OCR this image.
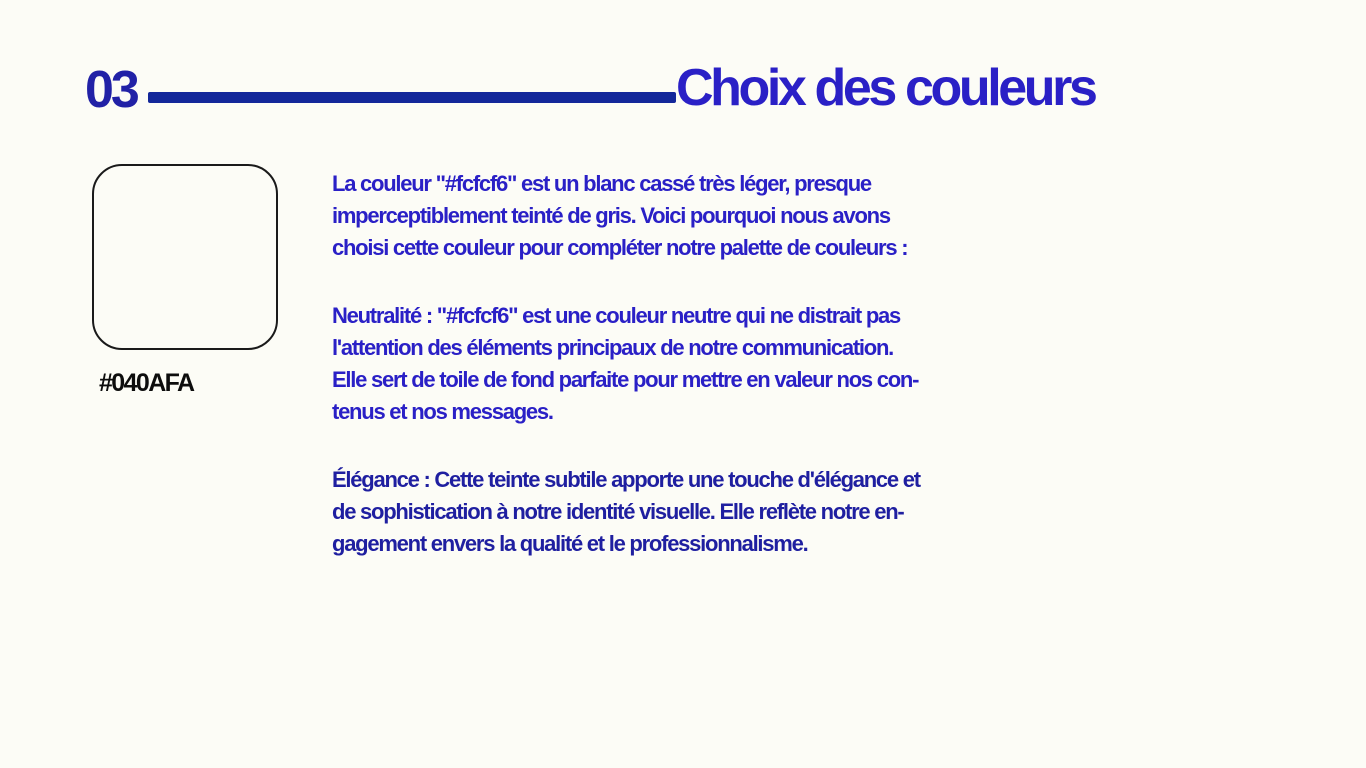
03	Choix des couleurs
#040AFA

La couleur "#fcfcf6" est un blanc cassé très léger, presque
imperceptiblement teinté de gris. Voici pourquoi nous avons
choisi cette couleur pour compléter notre palette de couleurs :

Neutralité : "#fcfcf6" est une couleur neutre qui ne distrait pas
l'attention des éléments principaux de notre communication.
Elle sert de toile de fond parfaite pour mettre en valeur nos con-
tenus et nos messages.

Élégance : Cette teinte subtile apporte une touche d'élégance et
de sophistication à notre identité visuelle. Elle reflète notre en-
gagement envers la qualité et le professionnalisme.
